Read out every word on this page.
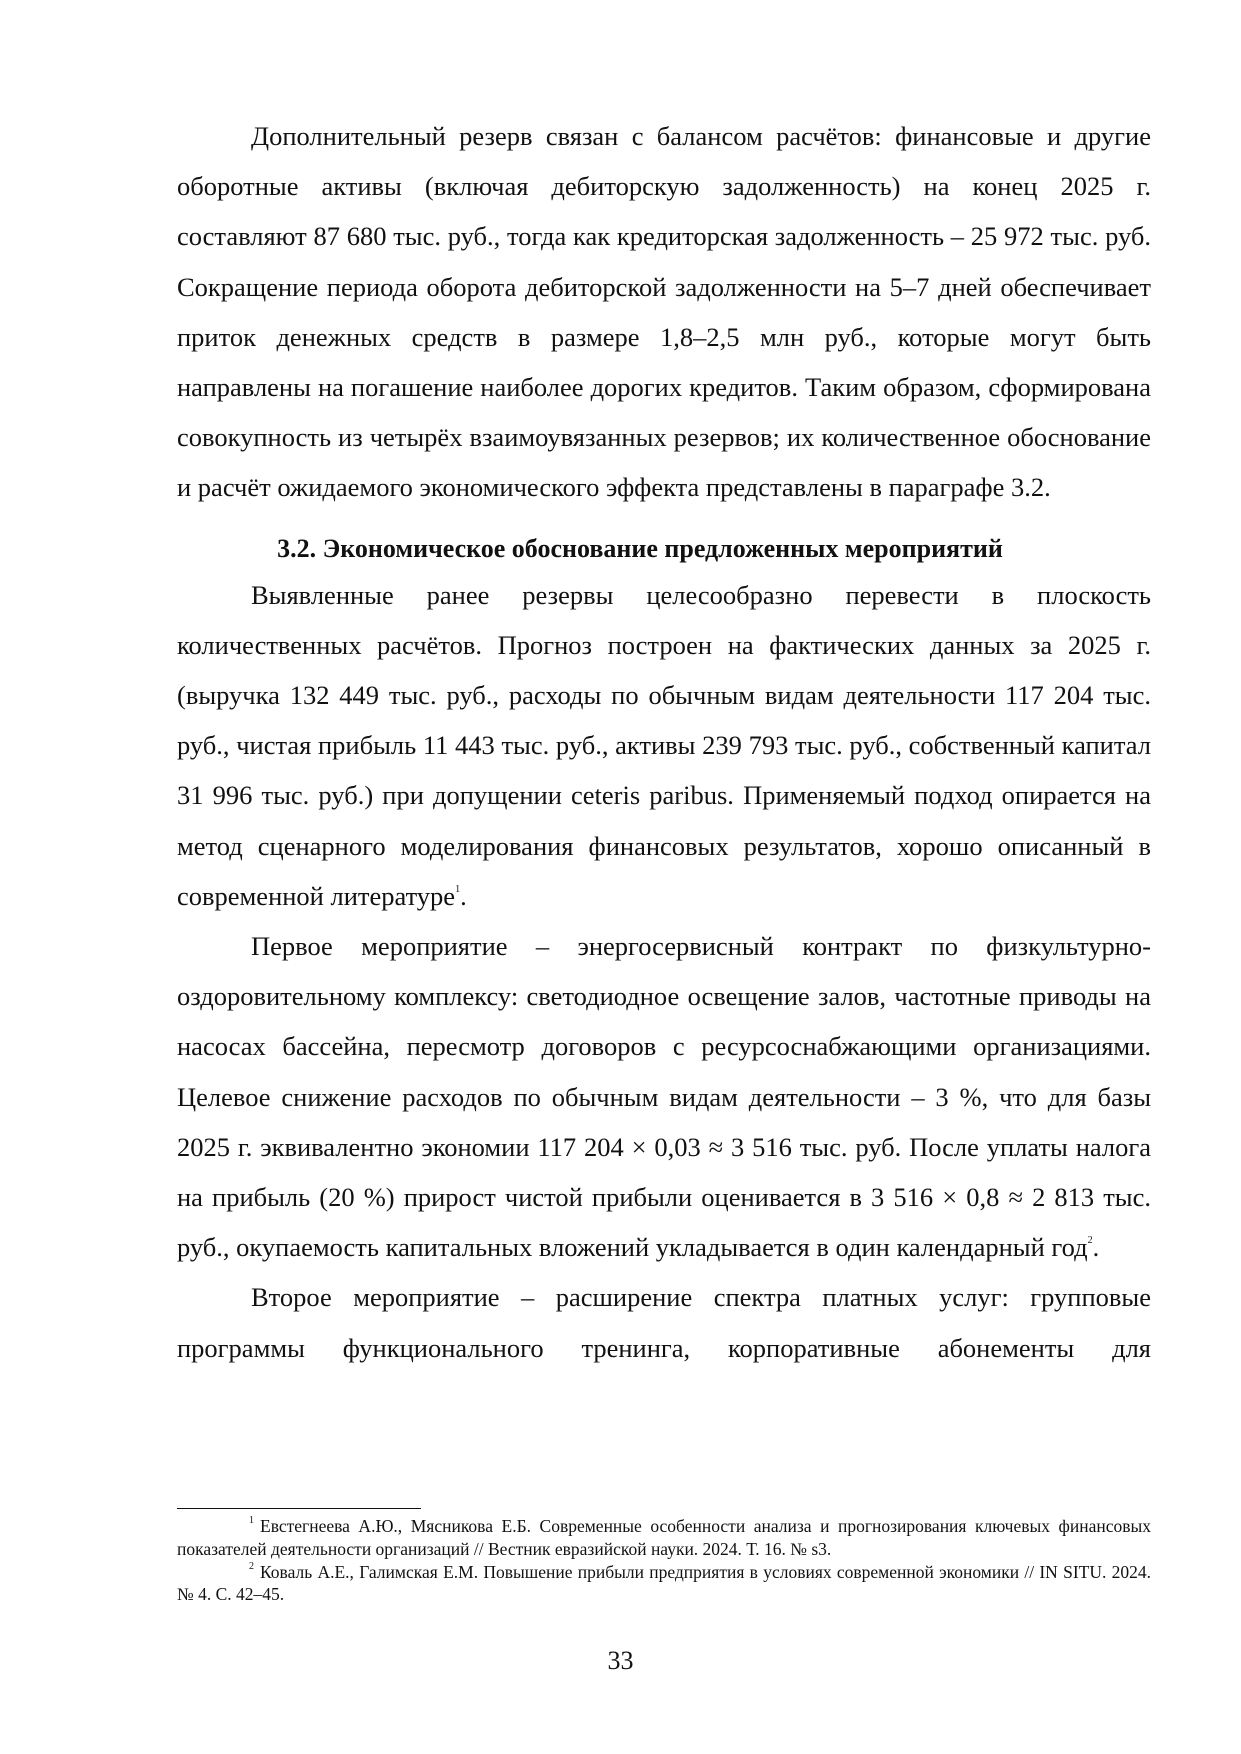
Дополнительный резерв связан с балансом расчётов: финансовые и другие оборотные активы (включая дебиторскую задолженность) на конец 2025 г. составляют 87 680 тыс. руб., тогда как кредиторская задолженность – 25 972 тыс. руб. Сокращение периода оборота дебиторской задолженности на 5–7 дней обеспечивает приток денежных средств в размере 1,8–2,5 млн руб., которые могут быть направлены на погашение наиболее дорогих кредитов. Таким образом, сформирована совокупность из четырёх взаимоувязанных резервов; их количественное обоснование и расчёт ожидаемого экономического эффекта представлены в параграфе 3.2.

3.2. Экономическое обоснование предложенных мероприятий

Выявленные ранее резервы целесообразно перевести в плоскость количественных расчётов. Прогноз построен на фактических данных за 2025 г. (выручка 132 449 тыс. руб., расходы по обычным видам деятельности 117 204 тыс. руб., чистая прибыль 11 443 тыс. руб., активы 239 793 тыс. руб., собственный капитал 31 996 тыс. руб.) при допущении ceteris paribus. Применяемый подход опирается на метод сценарного моделирования финансовых результатов, хорошо описанный в современной литературе$^1$.

Первое мероприятие – энергосервисный контракт по физкультурно-оздоровительному комплексу: светодиодное освещение залов, частотные приводы на насосах бассейна, пересмотр договоров с ресурсоснабжающими организациями. Целевое снижение расходов по обычным видам деятельности – 3 %, что для базы 2025 г. эквивалентно экономии 117 204 × 0,03 ≈ 3 516 тыс. руб. После уплаты налога на прибыль (20 %) прирост чистой прибыли оценивается в 3 516 × 0,8 ≈ 2 813 тыс. руб., окупаемость капитальных вложений укладывается в один календарный год$^2$.

Второе мероприятие – расширение спектра платных услуг: групповые программы функционального тренинга, корпоративные абонементы для

$^1$ Евстегнеева А.Ю., Мясникова Е.Б. Современные особенности анализа и прогнозирования ключевых финансовых показателей деятельности организаций // Вестник евразийской науки. 2024. Т. 16. № s3.

$^2$ Коваль А.Е., Галимская Е.М. Повышение прибыли предприятия в условиях современной экономики // IN SITU. 2024. № 4. С. 42–45.

33
